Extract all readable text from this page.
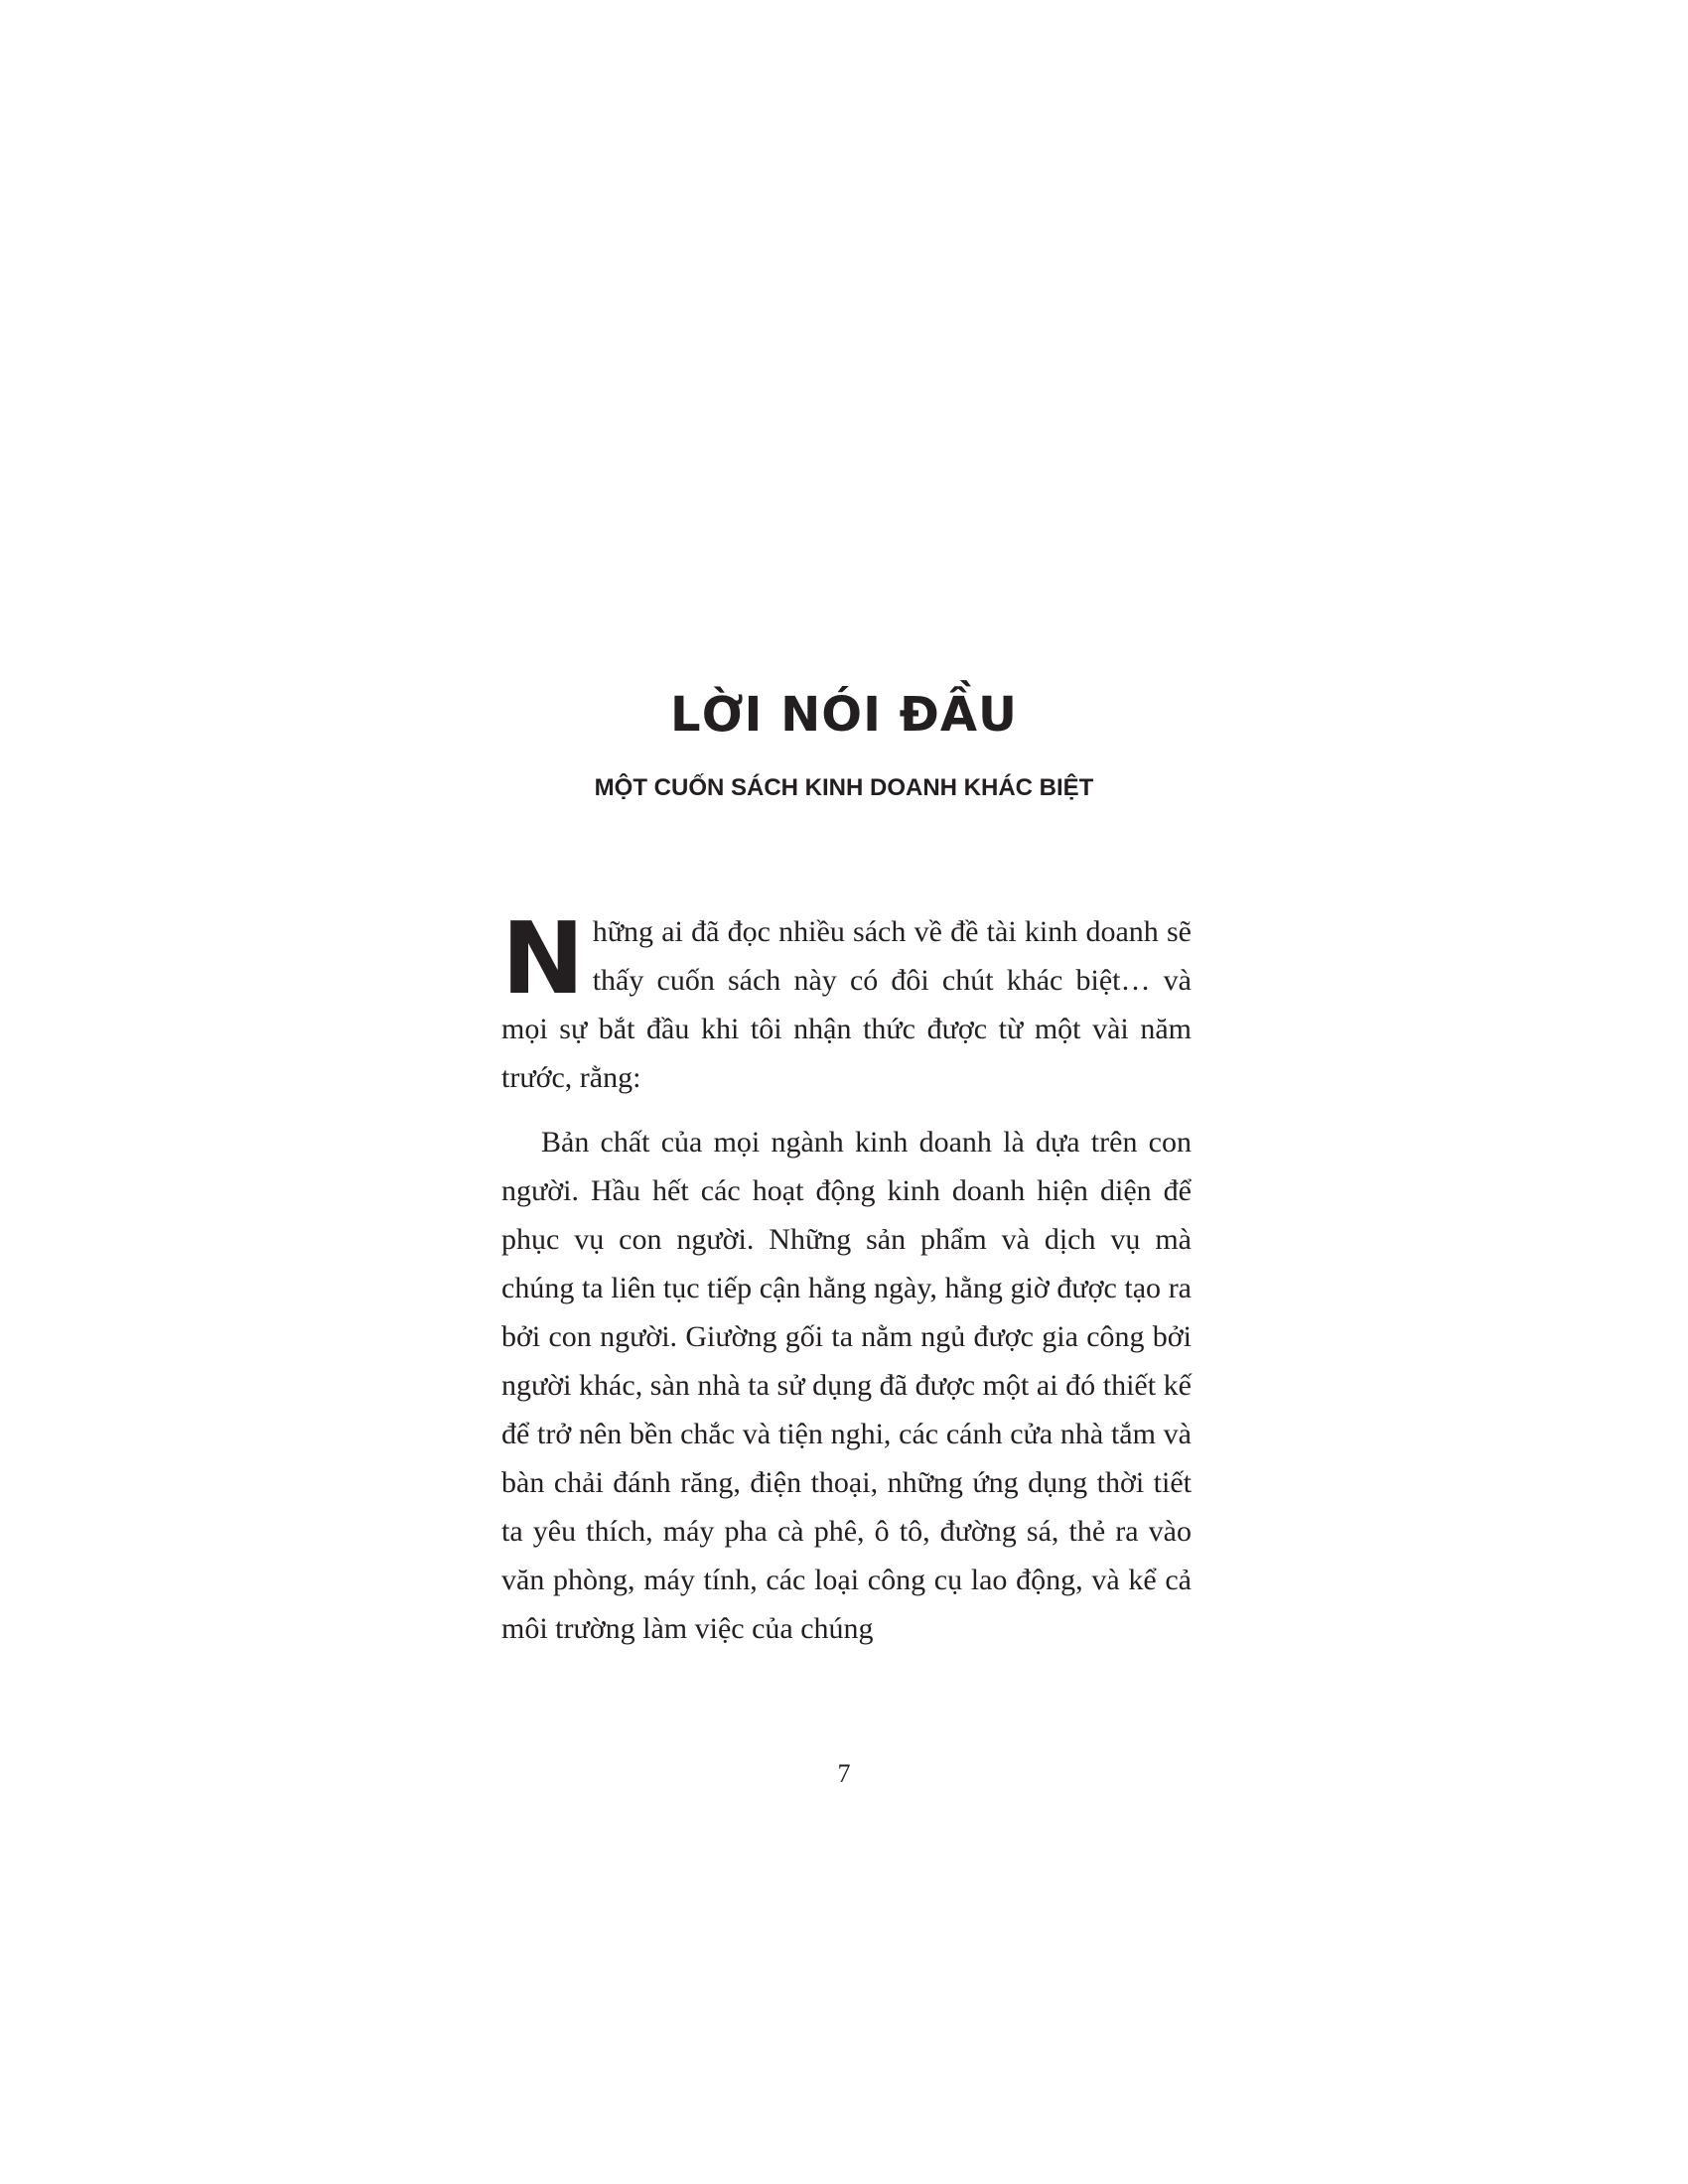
LỜI NÓI ĐẦU
MỘT CUỐN SÁCH KINH DOANH KHÁC BIỆT

Những ai đã đọc nhiều sách về đề tài kinh doanh sẽ thấy cuốn sách này có đôi chút khác biệt… và mọi sự bắt đầu khi tôi nhận thức được từ một vài năm trước, rằng:

Bản chất của mọi ngành kinh doanh là dựa trên con người. Hầu hết các hoạt động kinh doanh hiện diện để phục vụ con người. Những sản phẩm và dịch vụ mà chúng ta liên tục tiếp cận hằng ngày, hằng giờ được tạo ra bởi con người. Giường gối ta nằm ngủ được gia công bởi người khác, sàn nhà ta sử dụng đã được một ai đó thiết kế để trở nên bền chắc và tiện nghi, các cánh cửa nhà tắm và bàn chải đánh răng, điện thoại, những ứng dụng thời tiết ta yêu thích, máy pha cà phê, ô tô, đường sá, thẻ ra vào văn phòng, máy tính, các loại công cụ lao động, và kể cả môi trường làm việc của chúng

7
